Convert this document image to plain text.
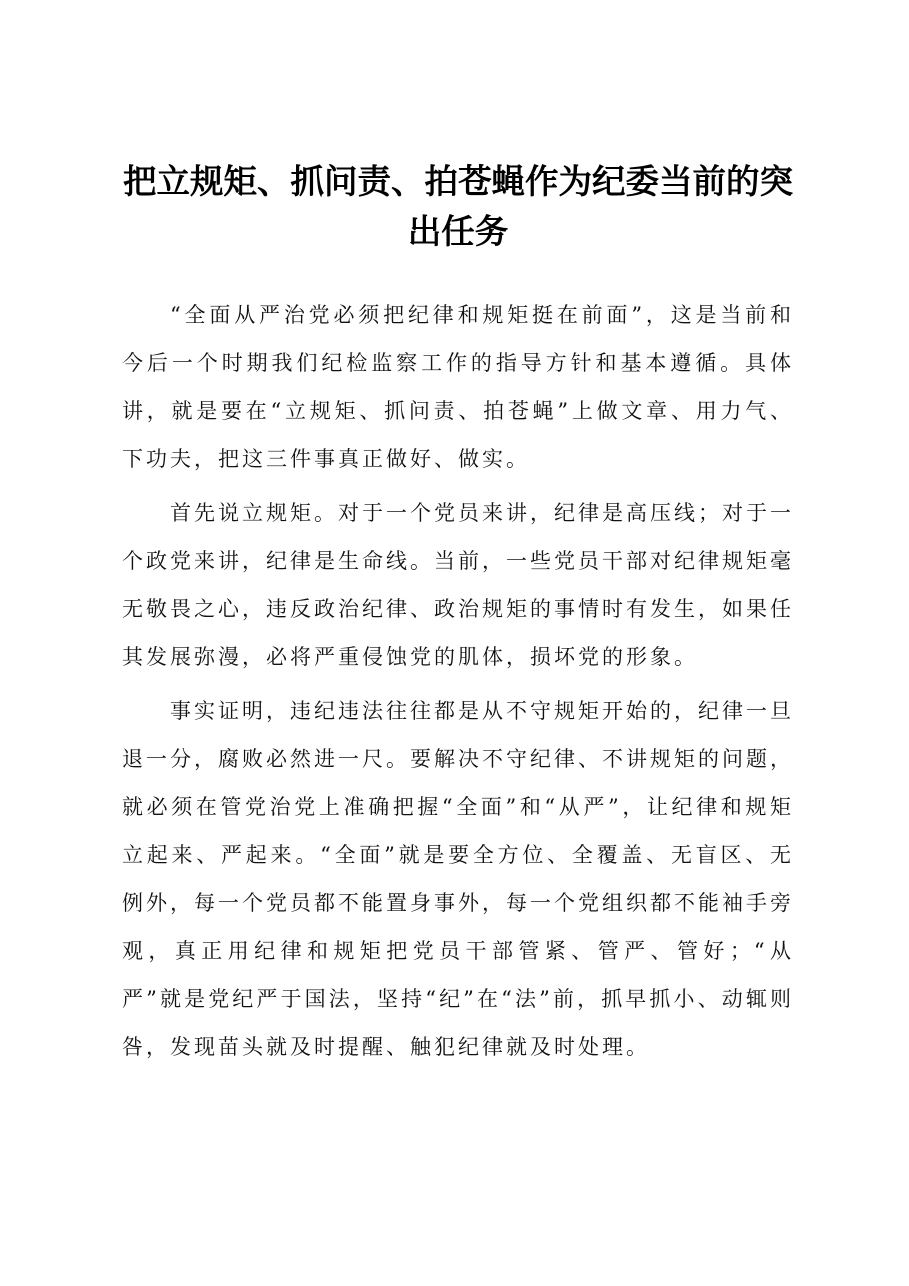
把立规矩、抓问责、拍苍蝇作为纪委当前的突出任务

“全面从严治党必须把纪律和规矩挺在前面”，这是当前和今后一个时期我们纪检监察工作的指导方针和基本遵循。具体讲，就是要在“立规矩、抓问责、拍苍蝇”上做文章、用力气、下功夫，把这三件事真正做好、做实。

首先说立规矩。对于一个党员来讲，纪律是高压线；对于一个政党来讲，纪律是生命线。当前，一些党员干部对纪律规矩毫无敬畏之心，违反政治纪律、政治规矩的事情时有发生，如果任其发展弥漫，必将严重侵蚀党的肌体，损坏党的形象。

事实证明，违纪违法往往都是从不守规矩开始的，纪律一旦退一分，腐败必然进一尺。要解决不守纪律、不讲规矩的问题，就必须在管党治党上准确把握“全面”和“从严”，让纪律和规矩立起来、严起来。“全面”就是要全方位、全覆盖、无盲区、无例外，每一个党员都不能置身事外，每一个党组织都不能袖手旁观，真正用纪律和规矩把党员干部管紧、管严、管好；“从严”就是党纪严于国法，坚持“纪”在“法”前，抓早抓小、动辄则咎，发现苗头就及时提醒、触犯纪律就及时处理。
